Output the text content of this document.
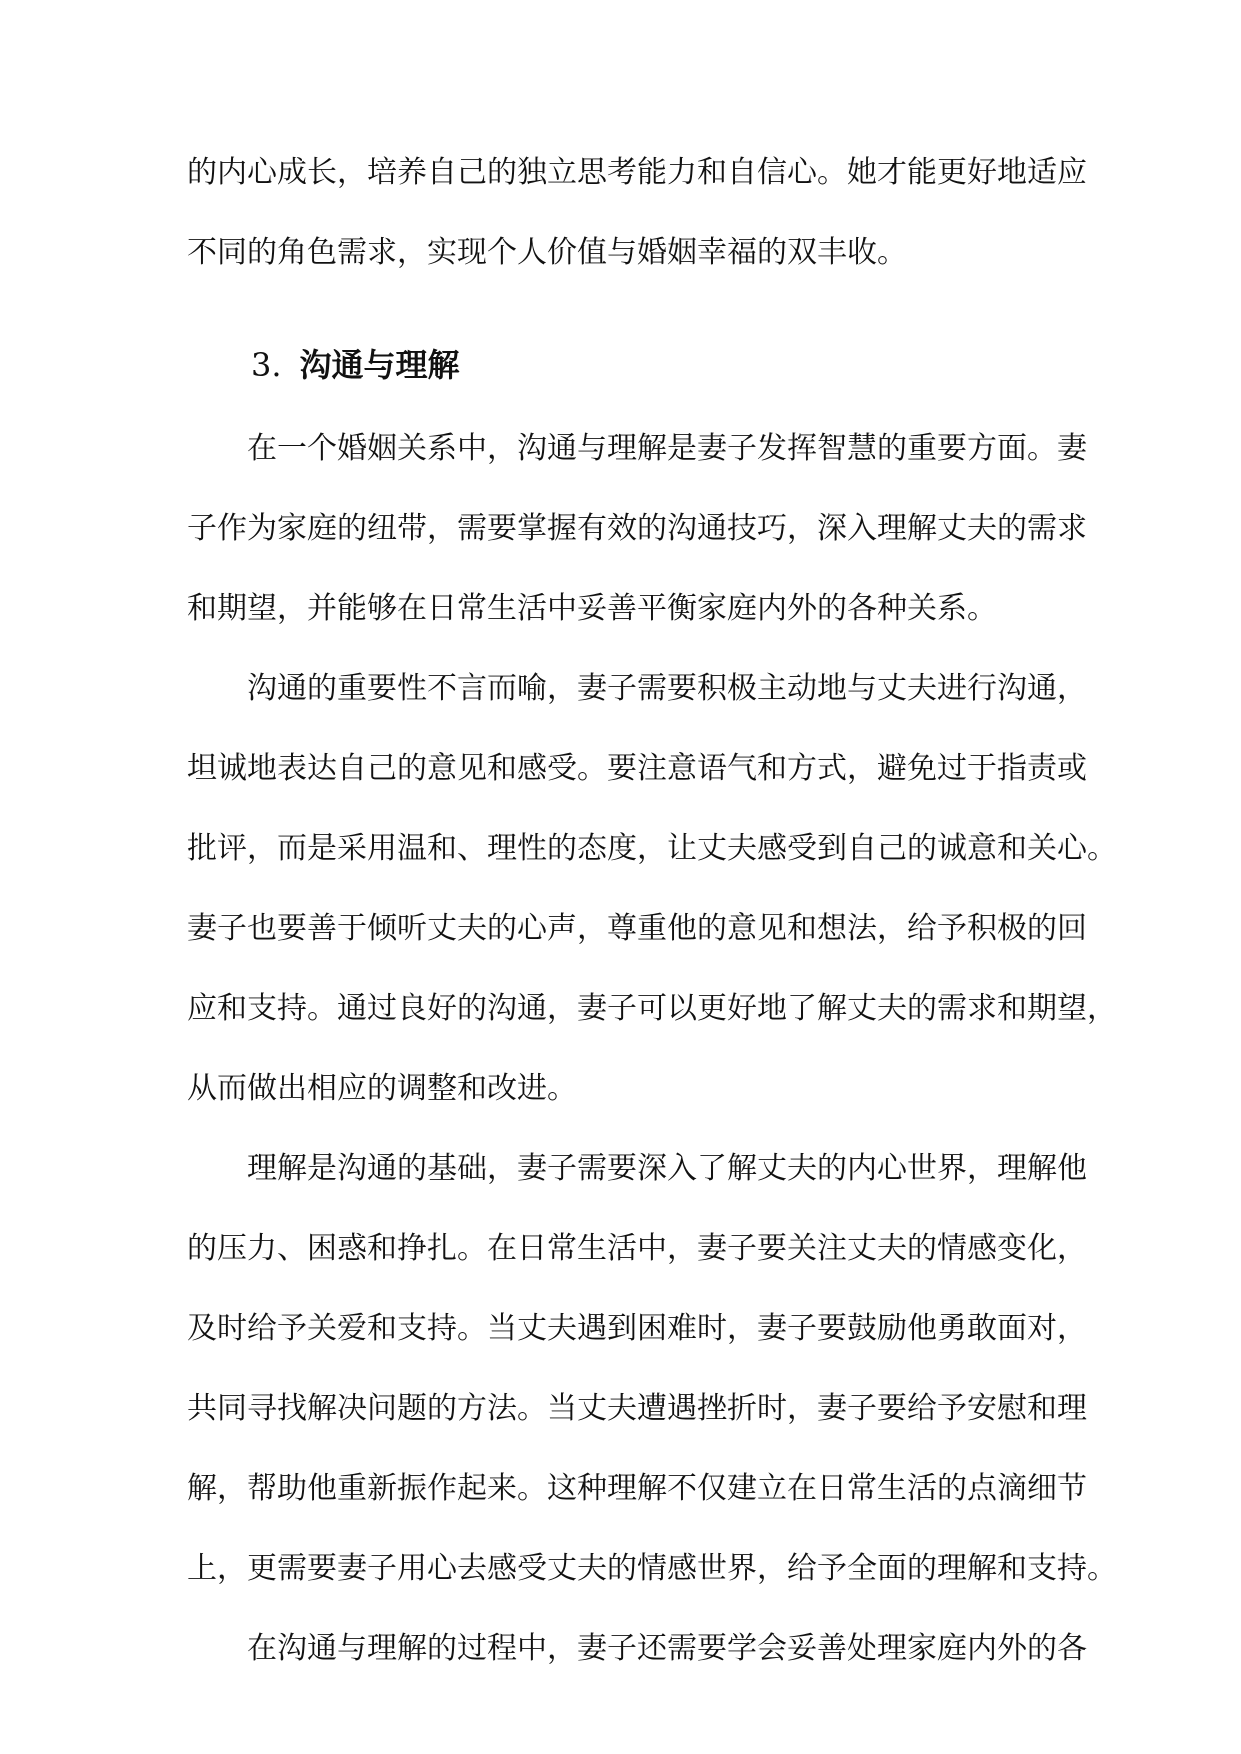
的内心成长，培养自己的独立思考能力和自信心。她才能更好地适应
不同的角色需求，实现个人价值与婚姻幸福的双丰收。
3. 沟通与理解
在一个婚姻关系中，沟通与理解是妻子发挥智慧的重要方面。妻
子作为家庭的纽带，需要掌握有效的沟通技巧，深入理解丈夫的需求
和期望，并能够在日常生活中妥善平衡家庭内外的各种关系。
沟通的重要性不言而喻，妻子需要积极主动地与丈夫进行沟通，
坦诚地表达自己的意见和感受。要注意语气和方式，避免过于指责或
批评，而是采用温和、理性的态度，让丈夫感受到自己的诚意和关心。
妻子也要善于倾听丈夫的心声，尊重他的意见和想法，给予积极的回
应和支持。通过良好的沟通，妻子可以更好地了解丈夫的需求和期望，
从而做出相应的调整和改进。
理解是沟通的基础，妻子需要深入了解丈夫的内心世界，理解他
的压力、困惑和挣扎。在日常生活中，妻子要关注丈夫的情感变化，
及时给予关爱和支持。当丈夫遇到困难时，妻子要鼓励他勇敢面对，
共同寻找解决问题的方法。当丈夫遭遇挫折时，妻子要给予安慰和理
解，帮助他重新振作起来。这种理解不仅建立在日常生活的点滴细节
上，更需要妻子用心去感受丈夫的情感世界，给予全面的理解和支持。
在沟通与理解的过程中，妻子还需要学会妥善处理家庭内外的各
